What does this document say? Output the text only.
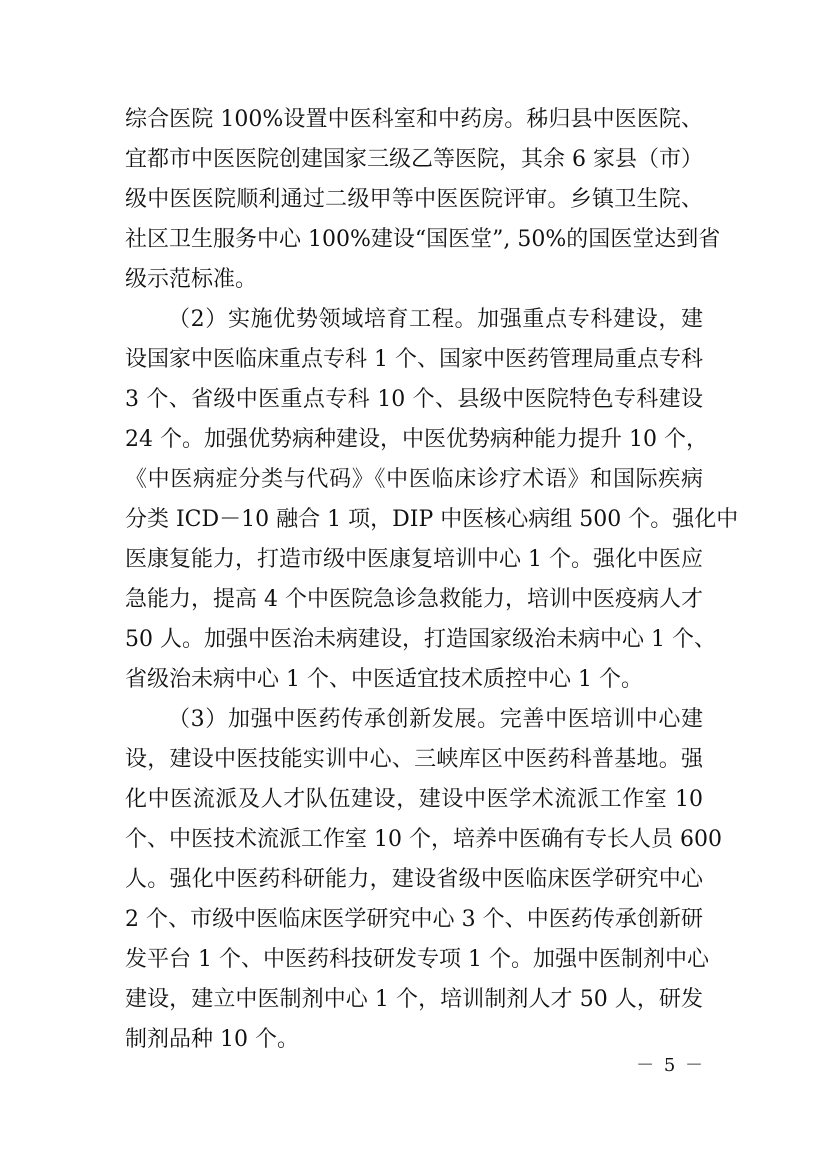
综合医院 100%设置中医科室和中药房。秭归县中医医院、
宜都市中医医院创建国家三级乙等医院，其余 6 家县（市）
级中医医院顺利通过二级甲等中医医院评审。乡镇卫生院、
社区卫生服务中心 100%建设“国医堂”, 50%的国医堂达到省
级示范标准。
（2）实施优势领域培育工程。加强重点专科建设，建
设国家中医临床重点专科 1 个、国家中医药管理局重点专科
3 个、省级中医重点专科 10 个、县级中医院特色专科建设
24 个。加强优势病种建设，中医优势病种能力提升 10 个，
《中医病症分类与代码》《中医临床诊疗术语》和国际疾病
分类 ICD－10 融合 1 项，DIP 中医核心病组 500 个。强化中
医康复能力，打造市级中医康复培训中心 1 个。强化中医应
急能力，提高 4 个中医院急诊急救能力，培训中医疫病人才
50 人。加强中医治未病建设，打造国家级治未病中心 1 个、
省级治未病中心 1 个、中医适宜技术质控中心 1 个。
（3）加强中医药传承创新发展。完善中医培训中心建
设，建设中医技能实训中心、三峡库区中医药科普基地。强
化中医流派及人才队伍建设，建设中医学术流派工作室 10
个、中医技术流派工作室 10 个，培养中医确有专长人员 600
人。强化中医药科研能力，建设省级中医临床医学研究中心
2 个、市级中医临床医学研究中心 3 个、中医药传承创新研
发平台 1 个、中医药科技研发专项 1 个。加强中医制剂中心
建设，建立中医制剂中心 1 个，培训制剂人才 50 人，研发
制剂品种 10 个。
－ 5 －
